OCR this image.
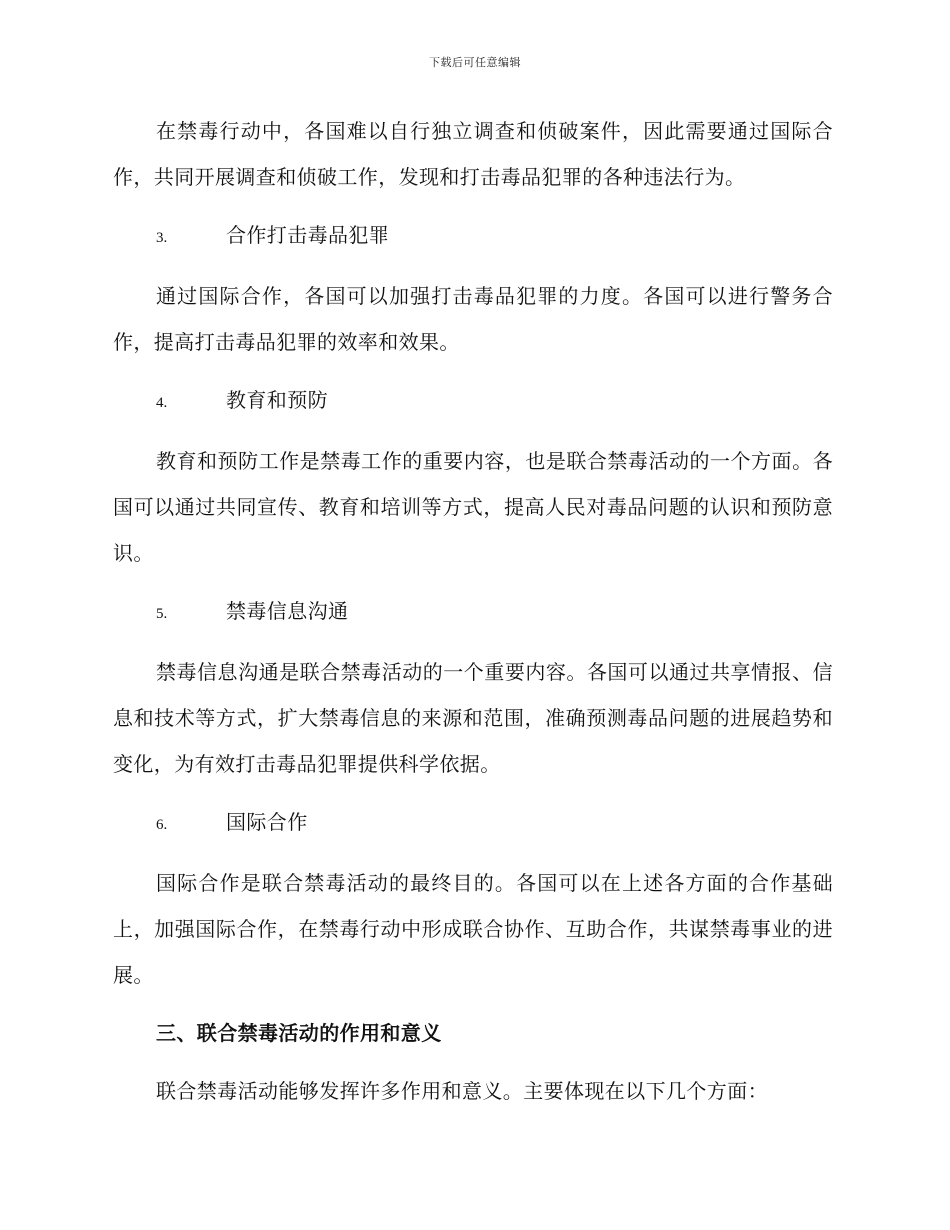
下载后可任意编辑

在禁毒行动中，各国难以自行独立调查和侦破案件，因此需要通过国际合作，共同开展调查和侦破工作，发现和打击毒品犯罪的各种违法行为。

3.	合作打击毒品犯罪

通过国际合作，各国可以加强打击毒品犯罪的力度。各国可以进行警务合作，提高打击毒品犯罪的效率和效果。

4.	教育和预防

教育和预防工作是禁毒工作的重要内容，也是联合禁毒活动的一个方面。各国可以通过共同宣传、教育和培训等方式，提高人民对毒品问题的认识和预防意识。

5.	禁毒信息沟通

禁毒信息沟通是联合禁毒活动的一个重要内容。各国可以通过共享情报、信息和技术等方式，扩大禁毒信息的来源和范围，准确预测毒品问题的进展趋势和变化，为有效打击毒品犯罪提供科学依据。

6.	国际合作

国际合作是联合禁毒活动的最终目的。各国可以在上述各方面的合作基础上，加强国际合作，在禁毒行动中形成联合协作、互助合作，共谋禁毒事业的进展。

三、联合禁毒活动的作用和意义

联合禁毒活动能够发挥许多作用和意义。主要体现在以下几个方面：
